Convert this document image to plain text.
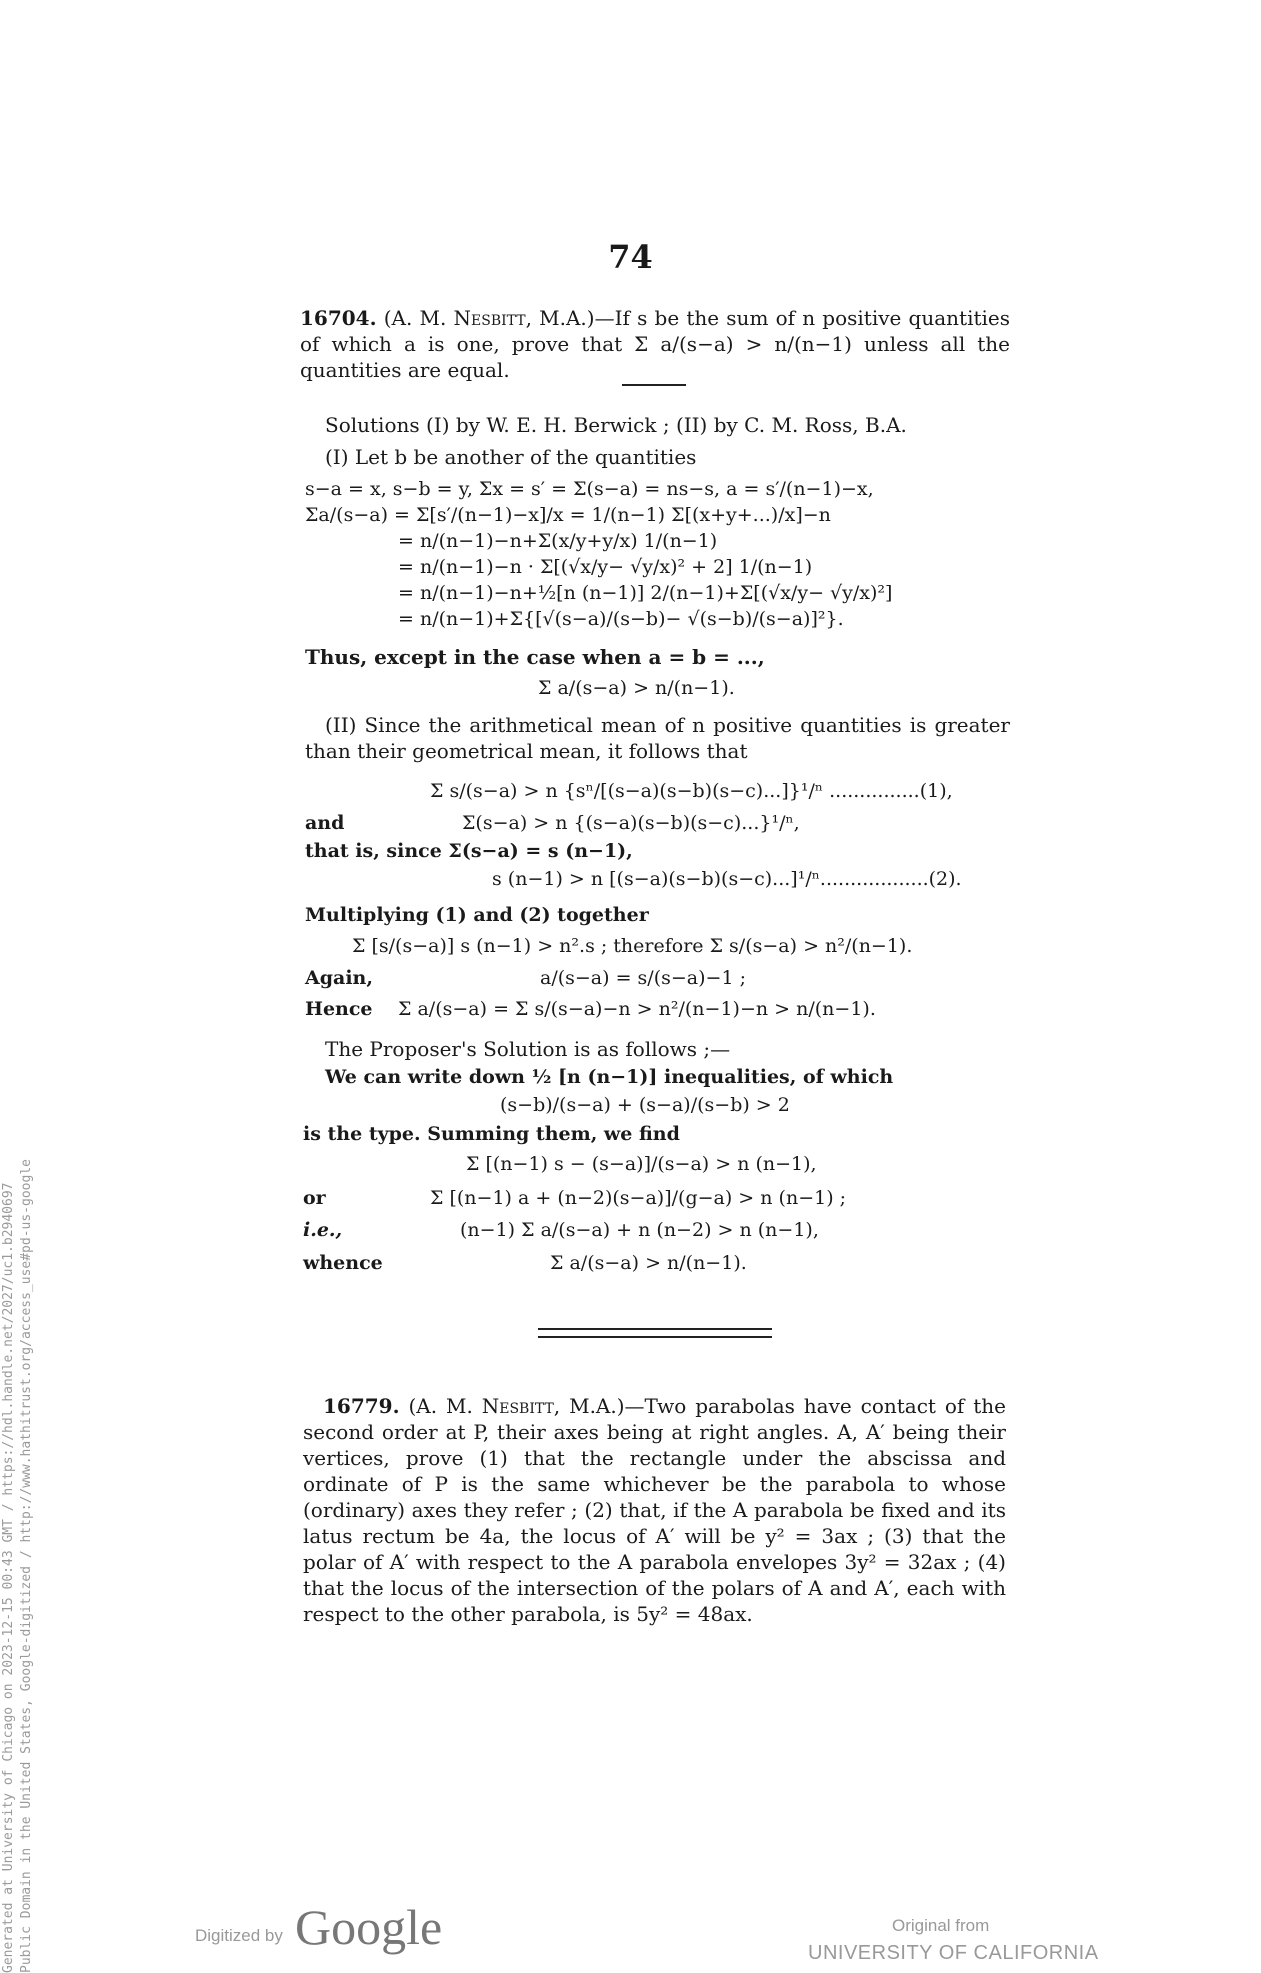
74
16704. (A. M. Nesbitt, M.A.)—If s be the sum of n positive quantities of which a is one, prove that Σ a/(s−a) > n/(n−1) unless all the quantities are equal.
Solutions (I) by W. E. H. Berwick ; (II) by C. M. Ross, B.A.
(I) Let b be another of the quantities
s−a = x, s−b = y, Σx = s′ = Σ(s−a) = ns−s, a = s′/(n−1)−x,
Σa/(s−a) = Σ[s′/(n−1)−x]/x = 1/(n−1) Σ[(x+y+...)/x]−n
= n/(n−1)−n+Σ(x/y+y/x) 1/(n−1)
= n/(n−1)−n · Σ[(√x/y− √y/x)² + 2] 1/(n−1)
= n/(n−1)−n+½[n (n−1)] 2/(n−1)+Σ[(√x/y− √y/x)²]
= n/(n−1)+Σ{[√(s−a)/(s−b)− √(s−b)/(s−a)]²}.
Thus, except in the case when a = b = ...,
Σ a/(s−a) > n/(n−1).
(II) Since the arithmetical mean of n positive quantities is greater than their geometrical mean, it follows that
Σ s/(s−a) > n {sⁿ/[(s−a)(s−b)(s−c)...]}¹/ⁿ ...............(1),
and	Σ(s−a) > n {(s−a)(s−b)(s−c)...}¹/ⁿ,
that is, since Σ(s−a) = s (n−1),
s (n−1) > n [(s−a)(s−b)(s−c)...]¹/ⁿ..................(2).
Multiplying (1) and (2) together
Σ [s/(s−a)] s (n−1) > n².s ; therefore Σ s/(s−a) > n²/(n−1).
Again,	a/(s−a) = s/(s−a)−1 ;
Hence Σ a/(s−a) = Σ s/(s−a)−n > n²/(n−1)−n > n/(n−1).
The Proposer's Solution is as follows ;—
We can write down ½ [n (n−1)] inequalities, of which
(s−b)/(s−a) + (s−a)/(s−b) > 2
is the type. Summing them, we find
Σ [(n−1) s − (s−a)]/(s−a) > n (n−1),
or	Σ [(n−1) a + (n−2)(s−a)]/(g−a) > n (n−1) ;
i.e.,	(n−1) Σ a/(s−a) + n (n−2) > n (n−1),
whence	Σ a/(s−a) > n/(n−1).
16779. (A. M. Nesbitt, M.A.)—Two parabolas have contact of the second order at P, their axes being at right angles. A, A′ being their vertices, prove (1) that the rectangle under the abscissa and ordinate of P is the same whichever be the parabola to whose (ordinary) axes they refer ; (2) that, if the A parabola be fixed and its latus rectum be 4a, the locus of A′ will be y² = 3ax ; (3) that the polar of A′ with respect to the A parabola envelopes 3y² = 32ax ; (4) that the locus of the intersection of the polars of A and A′, each with respect to the other parabola, is 5y² = 48ax.
Generated at University of Chicago on 2023-12-15 00:43 GMT / https://hdl.handle.net/2027/uc1.b2940697 Public Domain in the United States, Google-digitized / http://www.hathitrust.org/access_use#pd-us-google	Digitized by Google	Original from
UNIVERSITY OF CALIFORNIA
